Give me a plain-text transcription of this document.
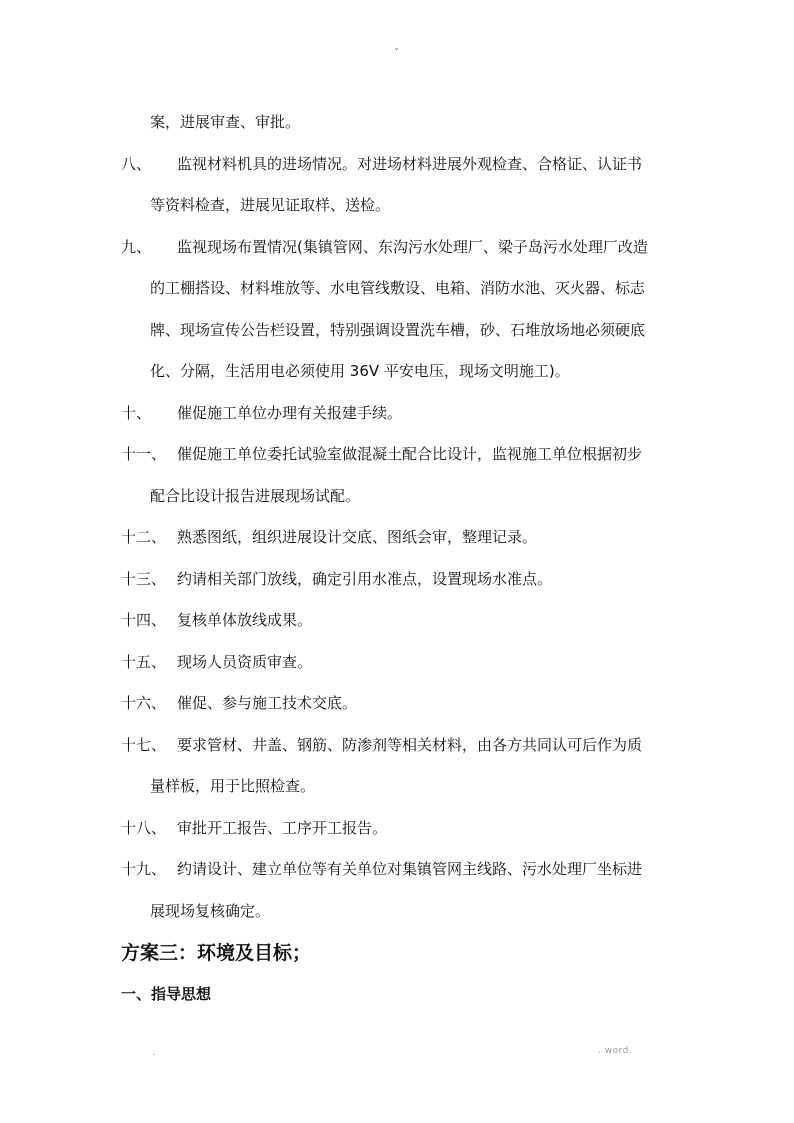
ˇ
案，进展审查、审批。
八、	监视材料机具的进场情况。对进场材料进展外观检查、合格证、认证书
等资料检查，进展见证取样、送检。
九、	监视现场布置情况(集镇管网、东沟污水处理厂、梁子岛污水处理厂改造
的工棚搭设、材料堆放等、水电管线敷设、电箱、消防水池、灭火器、标志
牌、现场宣传公告栏设置，特别强调设置洗车槽，砂、石堆放场地必须硬底
化、分隔，生活用电必须使用 36V 平安电压，现场文明施工)。
十、	催促施工单位办理有关报建手续。
十一、 催促施工单位委托试验室做混凝土配合比设计，监视施工单位根据初步
配合比设计报告进展现场试配。
十二、 熟悉图纸，组织进展设计交底、图纸会审，整理记录。
十三、 约请相关部门放线，确定引用水准点，设置现场水准点。
十四、 复核单体放线成果。
十五、 现场人员资质审查。
十六、 催促、参与施工技术交底。
十七、 要求管材、井盖、钢筋、防渗剂等相关材料，由各方共同认可后作为质
量样板，用于比照检查。
十八、 审批开工报告、工序开工报告。
十九、 约请设计、建立单位等有关单位对集镇管网主线路、污水处理厂坐标进
展现场复核确定。
方案三：环境及目标；
一、指导思想
.	. word.
